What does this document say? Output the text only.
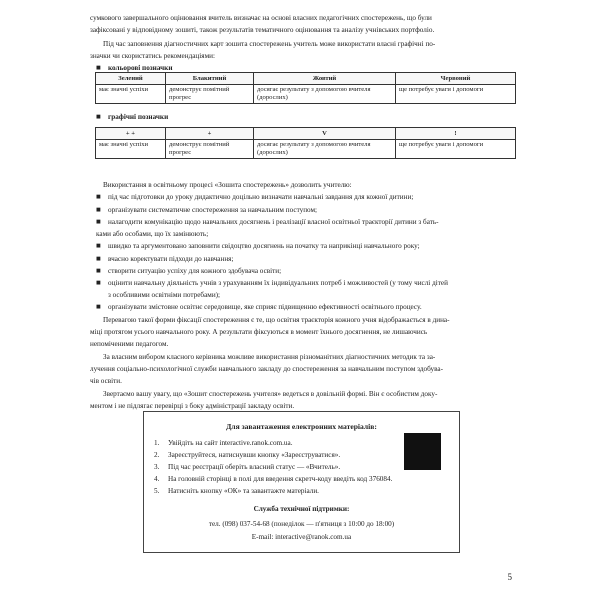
сумкового завершального оцінювання вчитель визначає на основі власних педагогічних спостережень, що були

зафіксовані у відповідному зошиті, також результатів тематичного оцінювання та аналізу учнівських портфоліо.

Під час заповнення діагностичних карт зошита спостережень учитель може використати власні графічні по-

значки чи скористатись рекомендаціями:

■ кольорові позначки

Зелений	Блакитний	Жовтий	Червоний
має значні успіхи	демонструє помітний прогрес	досягає результату з допомогою вчителя (дорослих)	ще потребує уваги і допомоги
■ графічні позначки

+ +	+	V	!
має значні успіхи	демонструє помітний прогрес	досягає результату з допомогою вчителя (дорослих)	ще потребує уваги і допомоги

Використання в освітньому процесі «Зошита спостережень» дозволить учителю:

■ під час підготовки до уроку дидактично доцільно визначати навчальні завдання для кожної дитини;

■ організувати систематичне спостереження за навчальним поступом;

■ налагодити комунікацію щодо навчальних досягнень і реалізації власної освітньої траєкторії дитини з бать-

ками або особами, що їх замінюють;

■ швидко та аргументовано заповнити свідоцтво досягнень на початку та наприкінці навчального року;

■ вчасно коректувати підходи до навчання;

■ створити ситуацію успіху для кожного здобувача освіти;

■ оцінити навчальну діяльність учнів з урахуванням їх індивідуальних потреб і можливостей (у тому числі дітей

з особливими освітніми потребами);

■ організувати змістовне освітнє середовище, яке сприяє підвищенню ефективності освітнього процесу.

Перевагою такої форми фіксації спостереження є те, що освітня траєкторія кожного учня відображається в дина-

міці протягом усього навчального року. А результати фіксуються в момент їхнього досягнення, не лишаючись

непоміченими педагогом.

За власним вибором класного керівника можливе використання різноманітних діагностичних методик та за-

лучення соціально-психологічної служби навчального закладу до спостереження за навчальним поступом здобува-

чів освіти.

Звертаємо вашу увагу, що «Зошит спостережень учителя» ведеться в довільній формі. Він є особистим доку-

ментом і не підлягає перевірці з боку адміністрації закладу освіти.

Для завантаження електронних матеріалів:
1. Увійдіть на сайт interactive.ranok.com.ua.
2. Зареєструйтеся, натиснувши кнопку «Зареєструватися».
3. Під час реєстрації оберіть власний статус — «Вчитель».
4. На головній сторінці в полі для введення скретч-коду введіть код 376084.
5. Натисніть кнопку «ОК» та завантажте матеріали.
Служба технічної підтримки:
тел. (098) 037-54-68 (понеділок — п'ятниця з 10:00 до 18:00)
E-mail: interactive@ranok.com.ua
5
